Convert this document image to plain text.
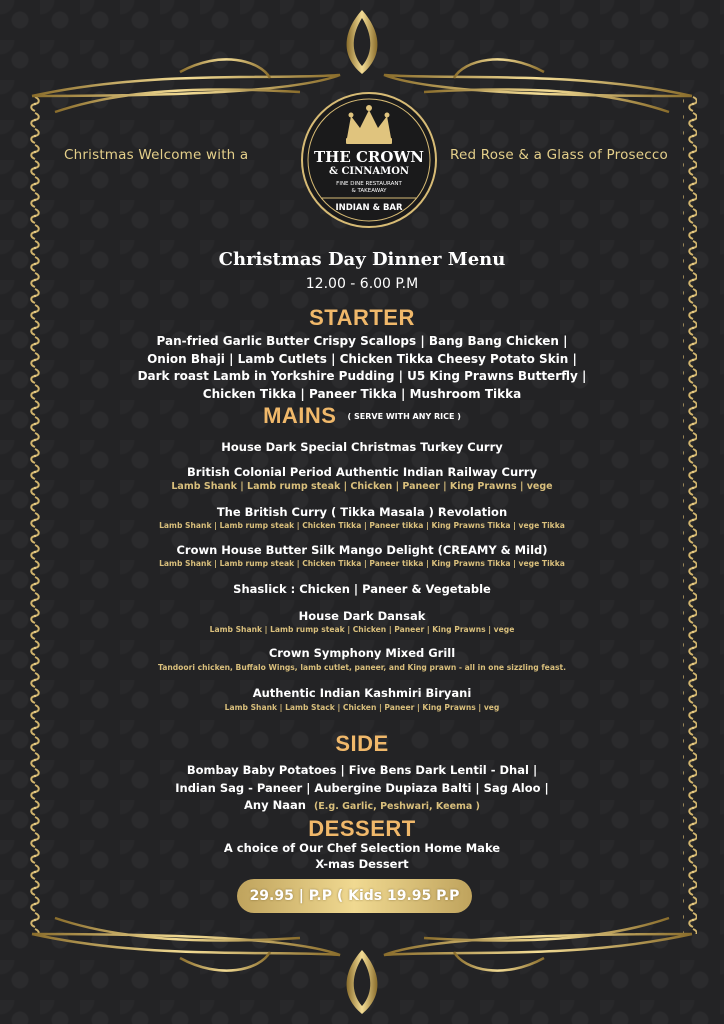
Christmas Welcome with a	Red Rose & a Glass of Prosecco
THE CROWN
& CINNAMON
FINE DINE RESTAURANT
& TAKEAWAY
INDIAN & BAR
Christmas Day Dinner Menu
12.00 - 6.00 P.M
STARTER
Pan-fried Garlic Butter Crispy Scallops | Bang Bang Chicken |
Onion Bhaji | Lamb Cutlets | Chicken Tikka Cheesy Potato Skin |
Dark roast Lamb in Yorkshire Pudding | U5 King Prawns Butterfly |
Chicken Tikka | Paneer Tikka | Mushroom Tikka
MAINS $^{( SERVE WITH ANY RICE )}$
House Dark Special Christmas Turkey Curry
British Colonial Period Authentic Indian Railway Curry
Lamb Shank | Lamb rump steak | Chicken | Paneer | King Prawns | vege
The British Curry ( Tikka Masala ) Revolation
Lamb Shank | Lamb rump steak | Chicken Tikka | Paneer tikka | King Prawns Tikka | vege Tikka
Crown House Butter Silk Mango Delight (CREAMY & Mild)
Lamb Shank | Lamb rump steak | Chicken Tikka | Paneer tikka | King Prawns Tikka | vege Tikka
Shaslick : Chicken | Paneer & Vegetable
House Dark Dansak
Lamb Shank | Lamb rump steak | Chicken | Paneer | King Prawns | vege
Crown Symphony Mixed Grill
Tandoori chicken, Buffalo Wings, lamb cutlet, paneer, and King prawn - all in one sizzling feast.
Authentic Indian Kashmiri Biryani
Lamb Shank | Lamb Stack | Chicken | Paneer | King Prawns | veg
SIDE
Bombay Baby Potatoes | Five Bens Dark Lentil - Dhal |
Indian Sag - Paneer | Aubergine Dupiaza Balti | Sag Aloo |
Any Naan (E.g. Garlic, Peshwari, Keema )
DESSERT
A choice of Our Chef Selection Home Make
X-mas Dessert
29.95 | P.P ( Kids 19.95 P.P
